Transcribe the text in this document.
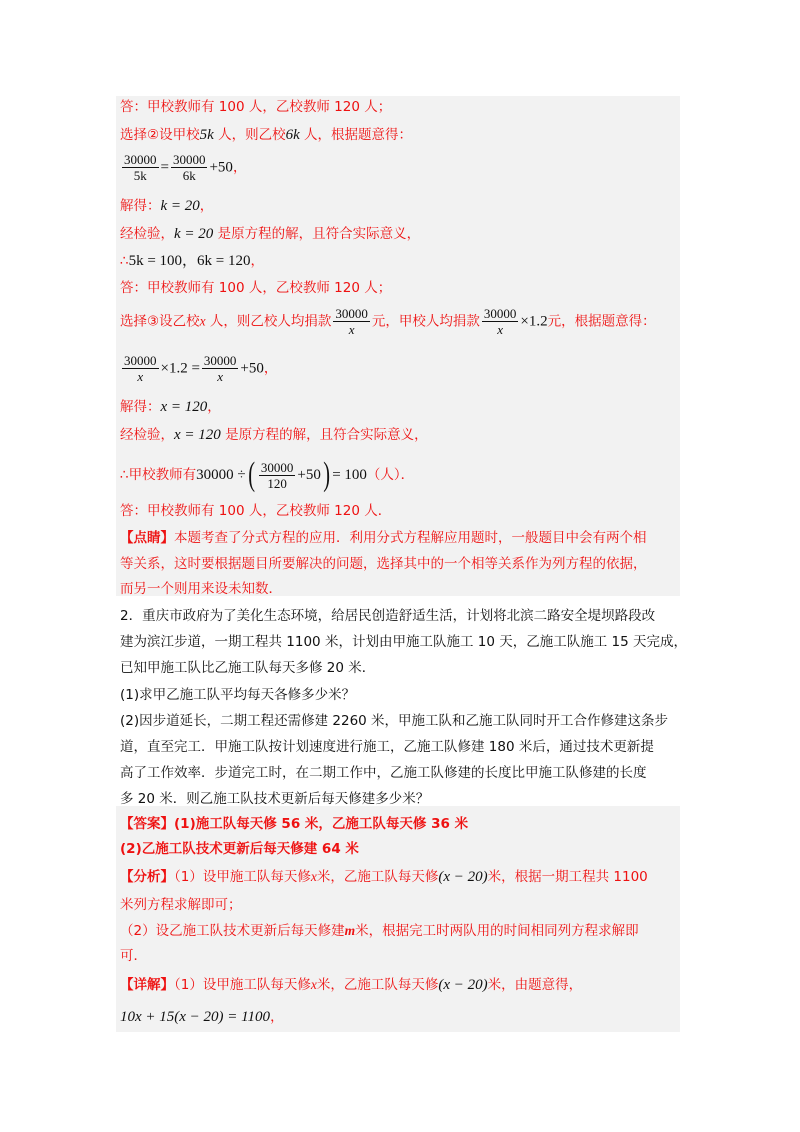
答：甲校教师有 100 人，乙校教师 120 人；
选择②设甲校5k 人，则乙校6k 人，根据题意得：
$\frac{30000}{5k} = \frac{30000}{6k} +50$，
解得：k = 20，
经检验，k = 20 是原方程的解，且符合实际意义，
∴5k = 100，6k = 120，
答：甲校教师有 100 人，乙校教师 120 人；
选择③设乙校x 人，则乙校人均捐款 $\frac{30000}{x}$ 元，甲校人均捐款 $\frac{30000}{x} \times 1.2$元，根据题意得：
$\frac{30000}{x} \times 1.2 = \frac{30000}{x} +50$，
解得：x = 120，
经检验，x = 120 是原方程的解，且符合实际意义，
∴甲校教师有30000 ÷( $\frac{30000}{120} +50) = 100$（人）．
答：甲校教师有 100 人，乙校教师 120 人．
【点睛】本题考查了分式方程的应用．利用分式方程解应用题时，一般题目中会有两个相
等关系，这时要根据题目所要解决的问题，选择其中的一个相等关系作为列方程的依据，
而另一个则用来设未知数．
2．重庆市政府为了美化生态环境，给居民创造舒适生活，计划将北滨二路安全堤坝路段改
建为滨江步道，一期工程共 1100 米，计划由甲施工队施工 10 天，乙施工队施工 15 天完成，
已知甲施工队比乙施工队每天多修 20 米．
(1)求甲乙施工队平均每天各修多少米？
(2)因步道延长，二期工程还需修建 2260 米，甲施工队和乙施工队同时开工合作修建这条步
道，直至完工．甲施工队按计划速度进行施工，乙施工队修建 180 米后，通过技术更新提
高了工作效率．步道完工时，在二期工作中，乙施工队修建的长度比甲施工队修建的长度
多 20 米．则乙施工队技术更新后每天修建多少米？
【答案】(1)施工队每天修 56 米，乙施工队每天修 36 米
(2)乙施工队技术更新后每天修建 64 米
【分析】（1）设甲施工队每天修x米，乙施工队每天修(x − 20)米，根据一期工程共 1100
米列方程求解即可；
（2）设乙施工队技术更新后每天修建m米，根据完工时两队用的时间相同列方程求解即
可．
【详解】（1）设甲施工队每天修x米，乙施工队每天修(x − 20)米，由题意得，
10x + 15(x − 20) = 1100，
